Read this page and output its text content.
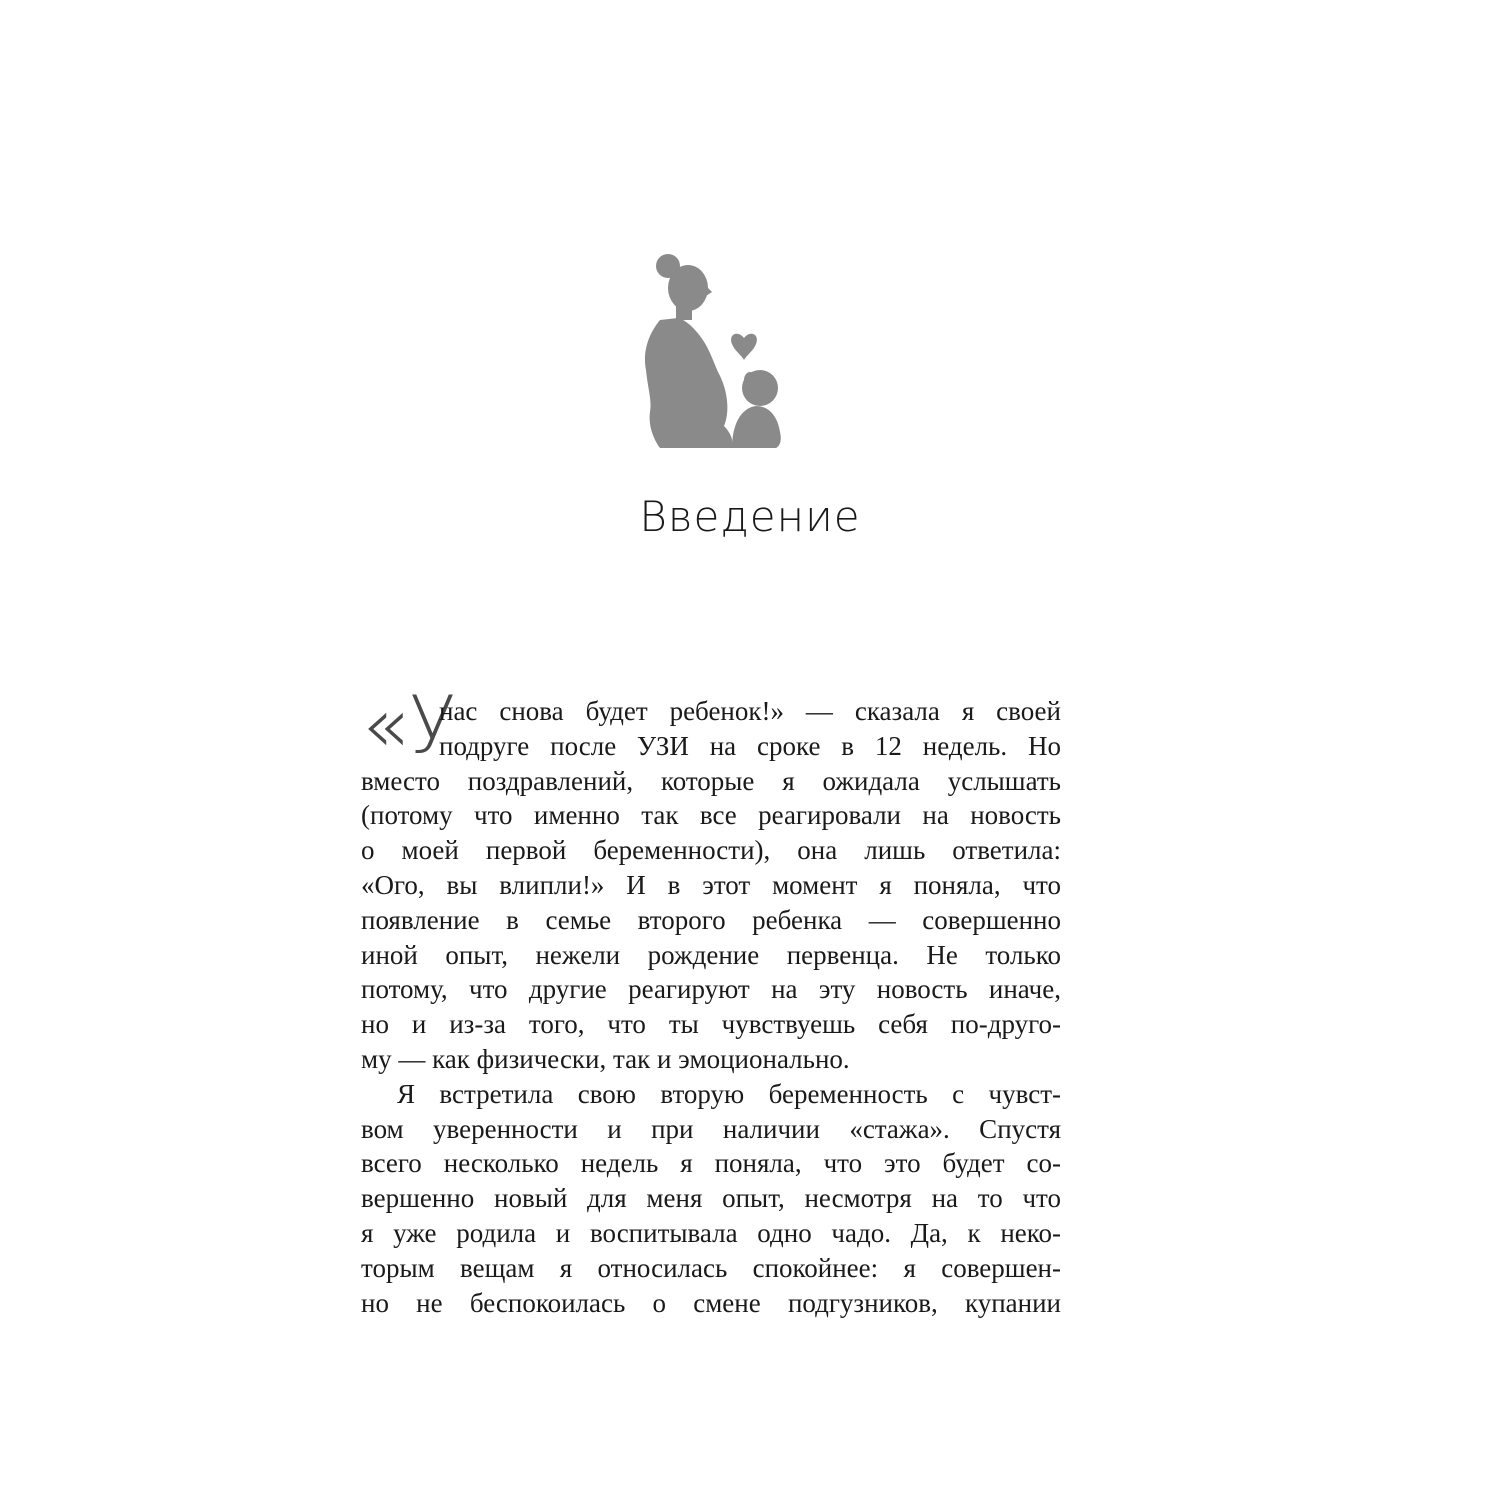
Введение
«У
нас снова будет ребенок!» — сказала я своей
подруге после УЗИ на сроке в 12 недель. Но
вместо поздравлений, которые я ожидала услышать
(потому что именно так все реагировали на новость
о моей первой беременности), она лишь ответила:
«Ого, вы влипли!» И в этот момент я поняла, что
появление в семье второго ребенка — совершенно
иной опыт, нежели рождение первенца. Не только
потому, что другие реагируют на эту новость иначе,
но и из-за того, что ты чувствуешь себя по-друго-
му — как физически, так и эмоционально.
Я встретила свою вторую беременность с чувст-
вом уверенности и при наличии «стажа». Спустя
всего несколько недель я поняла, что это будет со-
вершенно новый для меня опыт, несмотря на то что
я уже родила и воспитывала одно чадо. Да, к неко-
торым вещам я относилась спокойнее: я совершен-
но не беспокоилась о смене подгузников, купании
